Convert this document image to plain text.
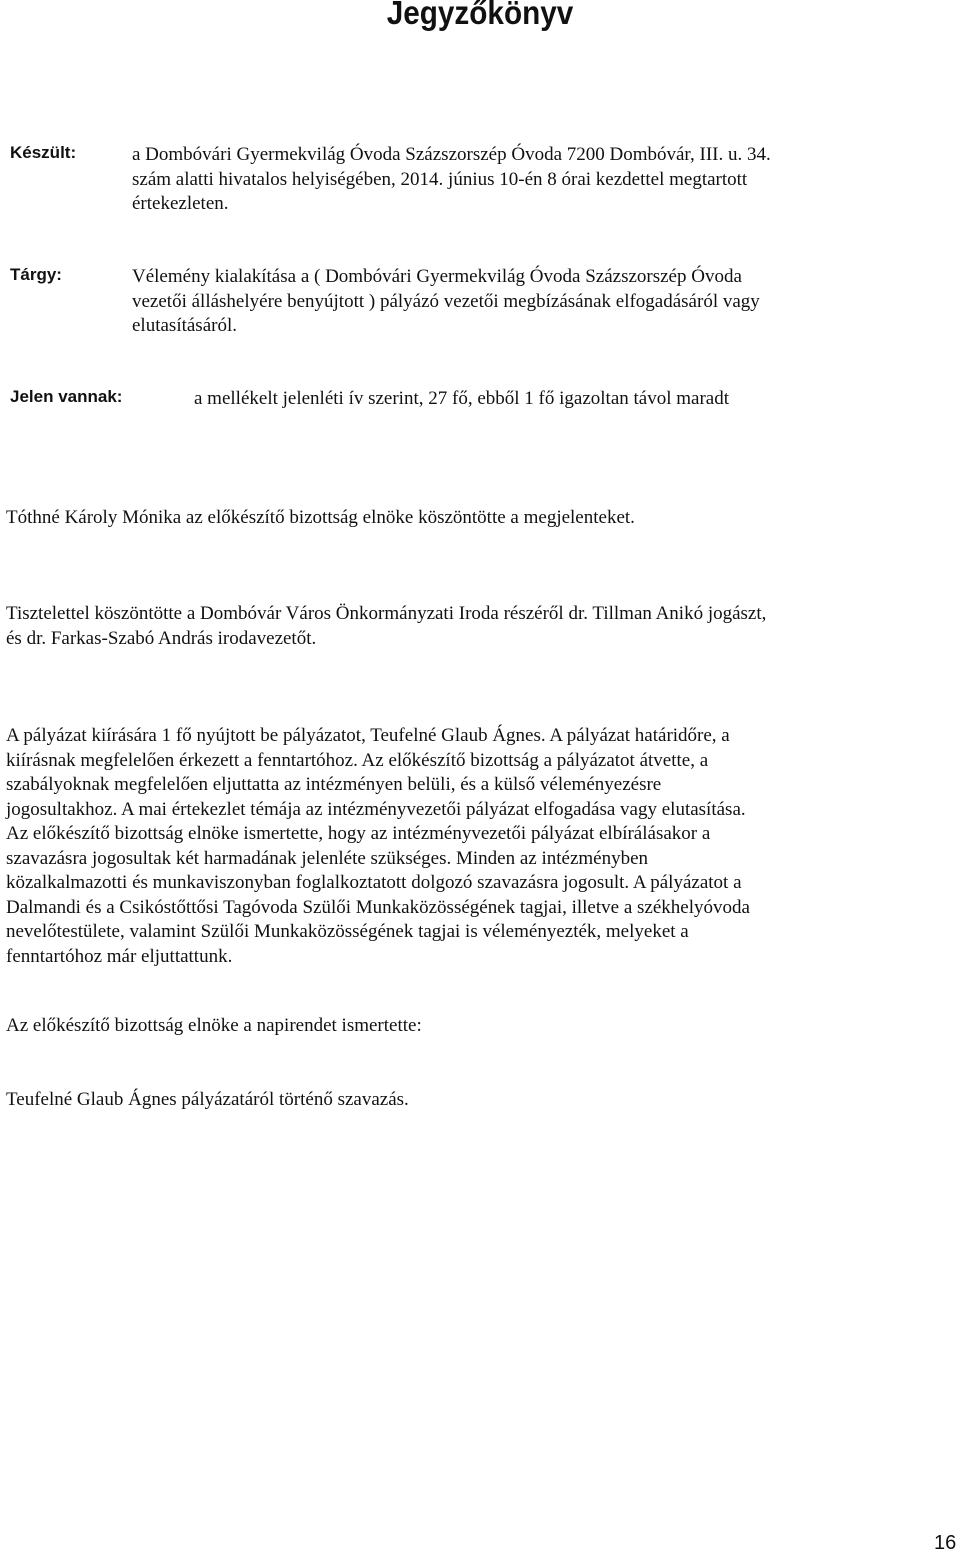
Jegyzőkönyv
Készült:	a Dombóvári Gyermekvilág Óvoda Százszorszép Óvoda 7200 Dombóvár, III. u. 34.
szám alatti hivatalos helyiségében, 2014. június 10-én 8 órai kezdettel megtartott
értekezleten.
Tárgy:	Vélemény kialakítása a ( Dombóvári Gyermekvilág Óvoda Százszorszép Óvoda
vezetői álláshelyére benyújtott ) pályázó vezetői megbízásának elfogadásáról vagy
elutasításáról.
Jelen vannak:	a mellékelt jelenléti ív szerint, 27 fő, ebből 1 fő igazoltan távol maradt

Tóthné Károly Mónika az előkészítő bizottság elnöke köszöntötte a megjelenteket.

Tisztelettel köszöntötte a Dombóvár Város Önkormányzati Iroda részéről dr. Tillman Anikó jogászt,

és dr. Farkas-Szabó András irodavezetőt.

A pályázat kiírására 1 fő nyújtott be pályázatot, Teufelné Glaub Ágnes. A pályázat határidőre, a

kiírásnak megfelelően érkezett a fenntartóhoz. Az előkészítő bizottság a pályázatot átvette, a

szabályoknak megfelelően eljuttatta az intézményen belüli, és a külső véleményezésre

jogosultakhoz. A mai értekezlet témája az intézményvezetői pályázat elfogadása vagy elutasítása.

Az előkészítő bizottság elnöke ismertette, hogy az intézményvezetői pályázat elbírálásakor a

szavazásra jogosultak két harmadának jelenléte szükséges. Minden az intézményben

közalkalmazotti és munkaviszonyban foglalkoztatott dolgozó szavazásra jogosult. A pályázatot a

Dalmandi és a Csikóstőttősi Tagóvoda Szülői Munkaközösségének tagjai, illetve a székhelyóvoda

nevelőtestülete, valamint Szülői Munkaközösségének tagjai is véleményezték, melyeket a

fenntartóhoz már eljuttattunk.

Az előkészítő bizottság elnöke a napirendet ismertette:

Teufelné Glaub Ágnes pályázatáról történő szavazás.

16
